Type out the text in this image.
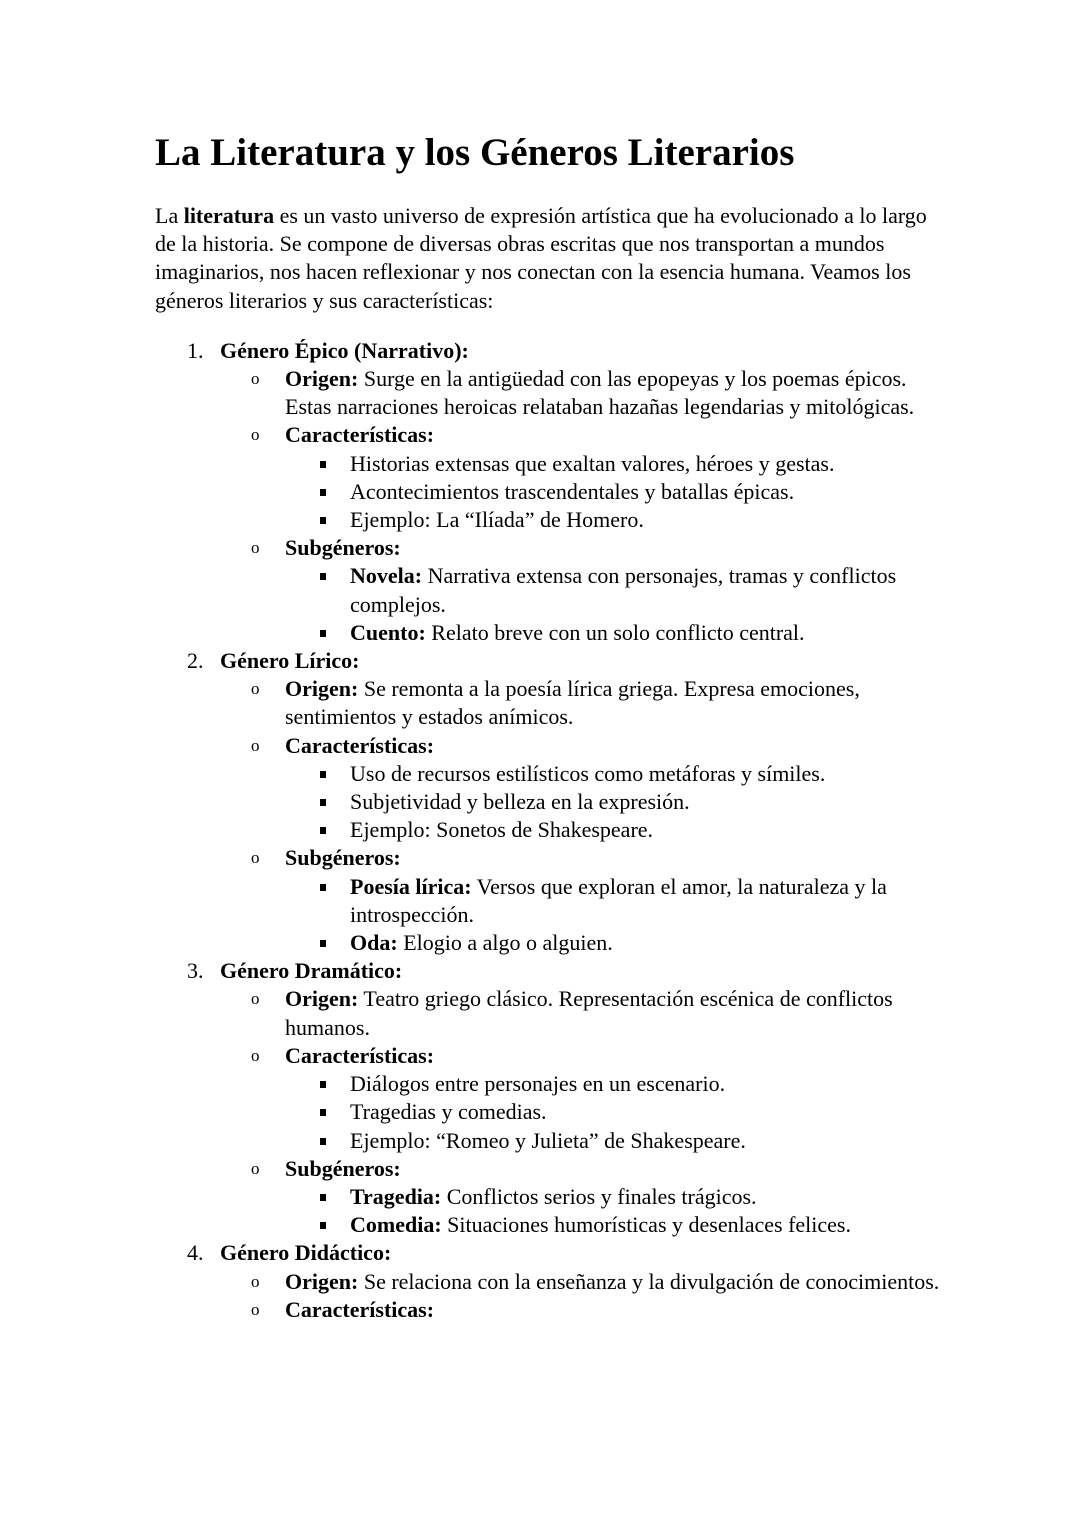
La Literatura y los Géneros Literarios

La literatura es un vasto universo de expresión artística que ha evolucionado a lo largo de la historia. Se compone de diversas obras escritas que nos transportan a mundos imaginarios, nos hacen reflexionar y nos conectan con la esencia humana. Veamos los géneros literarios y sus características:

1. Género Épico (Narrativo):
o Origen: Surge en la antigüedad con las epopeyas y los poemas épicos. Estas narraciones heroicas relataban hazañas legendarias y mitológicas.
o Características:
Historias extensas que exaltan valores, héroes y gestas.
Acontecimientos trascendentales y batallas épicas.
Ejemplo: La “Ilíada” de Homero.
o Subgéneros:
Novela: Narrativa extensa con personajes, tramas y conflictos complejos.
Cuento: Relato breve con un solo conflicto central.
2. Género Lírico:
o Origen: Se remonta a la poesía lírica griega. Expresa emociones, sentimientos y estados anímicos.
o Características:
Uso de recursos estilísticos como metáforas y símiles.
Subjetividad y belleza en la expresión.
Ejemplo: Sonetos de Shakespeare.
o Subgéneros:
Poesía lírica: Versos que exploran el amor, la naturaleza y la introspección.
Oda: Elogio a algo o alguien.
3. Género Dramático:
o Origen: Teatro griego clásico. Representación escénica de conflictos humanos.
o Características:
Diálogos entre personajes en un escenario.
Tragedias y comedias.
Ejemplo: “Romeo y Julieta” de Shakespeare.
o Subgéneros:
Tragedia: Conflictos serios y finales trágicos.
Comedia: Situaciones humorísticas y desenlaces felices.
4. Género Didáctico:
o Origen: Se relaciona con la enseñanza y la divulgación de conocimientos.
o Características:
